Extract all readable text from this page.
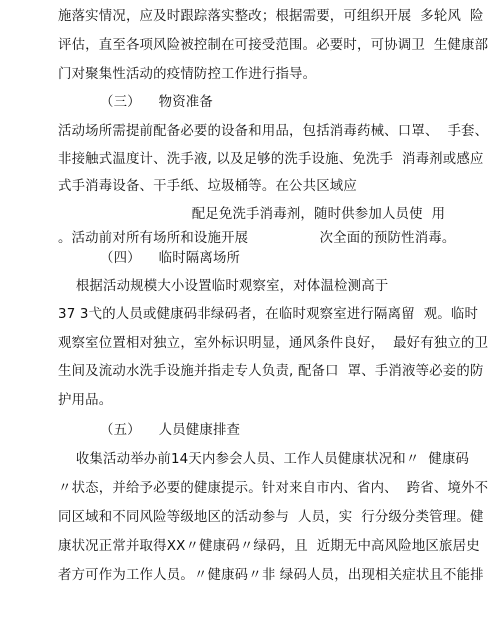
施落实情况，应及时跟踪落实整改；根据需要，可组织开展  多轮风  险
评估，直至各项风险被控制在可接受范围。必要时，可协调卫  生健康部
门对聚集性活动的疫情防控工作进行指导。
（三）    物资准备
活动场所需提前配备必要的设备和用品，包括消毒药械、口罩、  手套、
非接触式温度计、洗手液, 以及足够的洗手设施、免洗手  消毒剂或感应
式手消毒设备、干手纸、垃圾桶等。在公共区域应
配足免洗手消毒剂，随时供参加人员使  用
。活动前对所有场所和设施开展                次全面的预防性消毒。
（四）    临时隔离场所
根据活动规模大小设置临时观察室，对体温检测高于
37 3弋的人员或健康码非绿码者，在临时观察室进行隔离留  观。临时
观察室位置相对独立，室外标识明显，通风条件良好，  最好有独立的卫
生间及流动水洗手设施并指走专人负责, 配备口  罩、手消液等必妾的防
护用品。
（五）    人员健康排查
收集活动举办前14天内参会人员、工作人员健康状况和〃  健康码
〃状态，并给予必要的健康提示。针对来自市内、省内、  跨省、境外不
同区域和不同风险等级地区的活动参与  人员，实  行分级分类管理。健
康状况正常并取得XX〃健康码〃绿码，且  近期无中高风险地区旅居史
者方可作为工作人员。〃健康码〃非 绿码人员，出现相关症状且不能排
